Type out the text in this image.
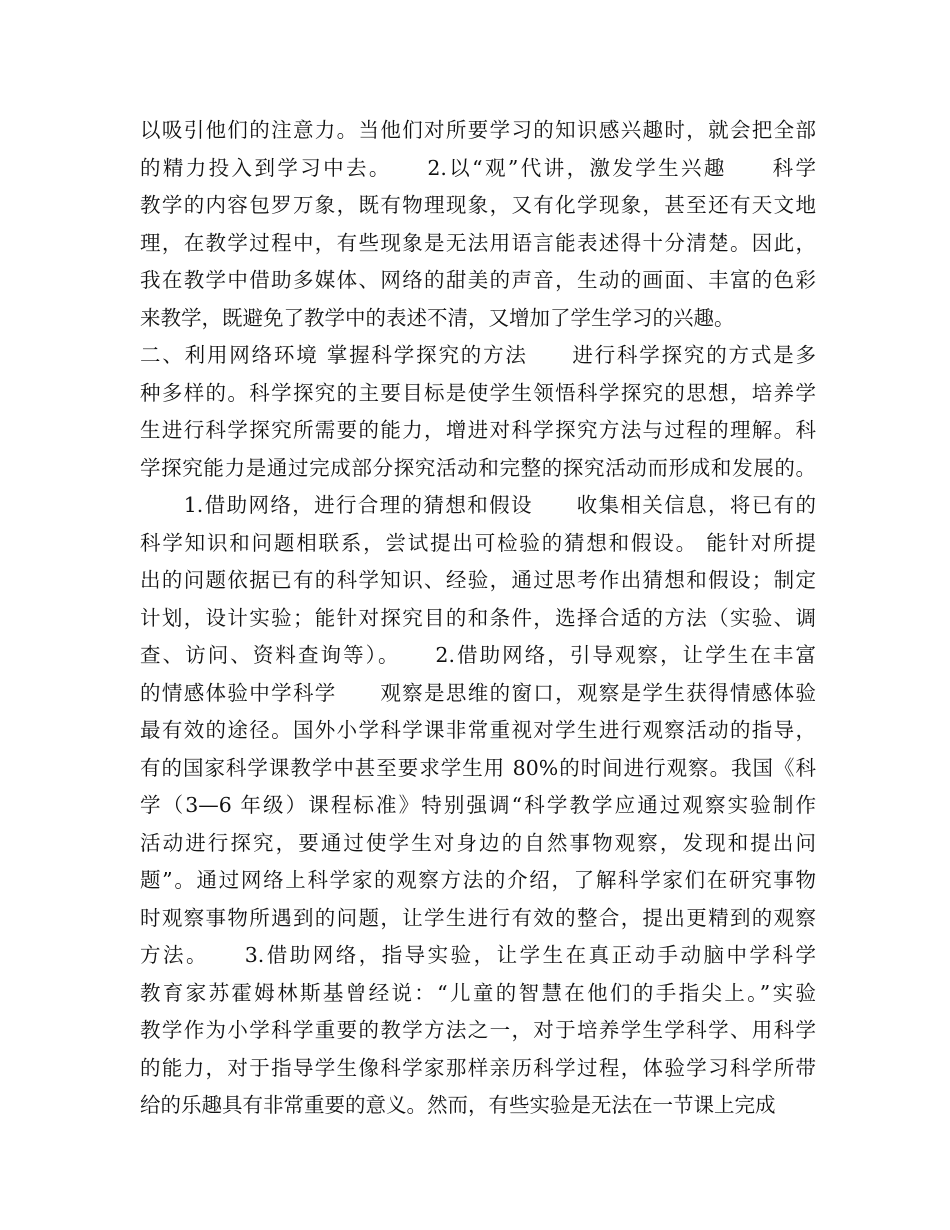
以吸引他们的注意力。当他们对所要学习的知识感兴趣时，就会把全部
的精力投入到学习中去。　　2.以“观”代讲，激发学生兴趣　　科学
教学的内容包罗万象，既有物理现象，又有化学现象，甚至还有天文地
理，在教学过程中，有些现象是无法用语言能表述得十分清楚。因此，
我在教学中借助多媒体、网络的甜美的声音，生动的画面、丰富的色彩
来教学，既避免了教学中的表述不清，又增加了学生学习的兴趣。
二、利用网络环境 掌握科学探究的方法　　进行科学探究的方式是多
种多样的。科学探究的主要目标是使学生领悟科学探究的思想，培养学
生进行科学探究所需要的能力，增进对科学探究方法与过程的理解。科
学探究能力是通过完成部分探究活动和完整的探究活动而形成和发展的。
　　1.借助网络，进行合理的猜想和假设　　收集相关信息，将已有的
科学知识和问题相联系，尝试提出可检验的猜想和假设。 能针对所提
出的问题依据已有的科学知识、经验，通过思考作出猜想和假设；制定
计划，设计实验；能针对探究目的和条件，选择合适的方法（实验、调
查、访问、资料查询等）。　　2.借助网络，引导观察，让学生在丰富
的情感体验中学科学　　观察是思维的窗口，观察是学生获得情感体验
最有效的途径。国外小学科学课非常重视对学生进行观察活动的指导，
有的国家科学课教学中甚至要求学生用 80%的时间进行观察。我国《科
学（3—6 年级）课程标准》特别强调“科学教学应通过观察实验制作
活动进行探究，要通过使学生对身边的自然事物观察，发现和提出问
题”。通过网络上科学家的观察方法的介绍，了解科学家们在研究事物
时观察事物所遇到的问题，让学生进行有效的整合，提出更精到的观察
方法。　　3.借助网络，指导实验，让学生在真正动手动脑中学科学
教育家苏霍姆林斯基曾经说：“儿童的智慧在他们的手指尖上。”实验
教学作为小学科学重要的教学方法之一，对于培养学生学科学、用科学
的能力，对于指导学生像科学家那样亲历科学过程，体验学习科学所带
给的乐趣具有非常重要的意义。然而，有些实验是无法在一节课上完成
